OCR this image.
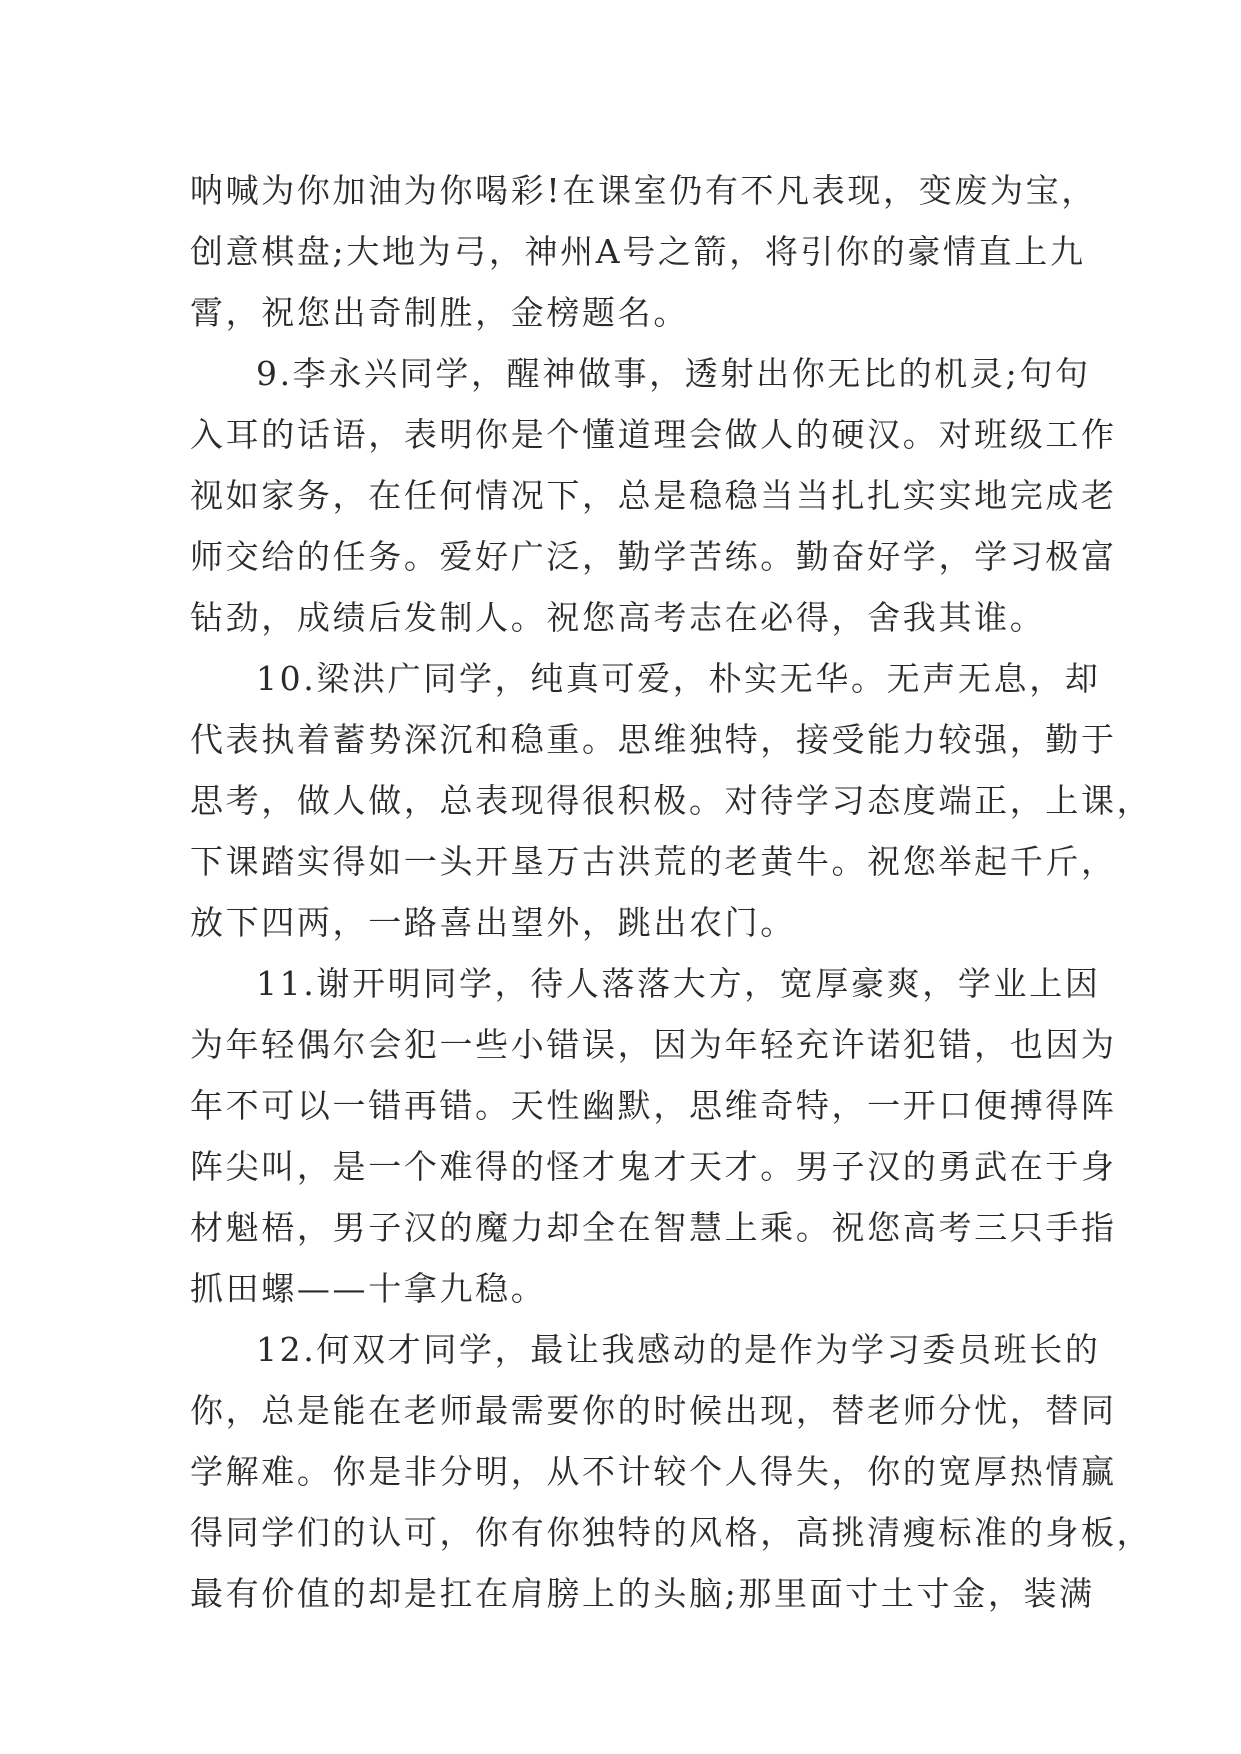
呐喊为你加油为你喝彩!在课室仍有不凡表现，变废为宝，
创意棋盘;大地为弓，神州A号之箭，将引你的豪情直上九
霄，祝您出奇制胜，金榜题名。
9.李永兴同学，醒神做事，透射出你无比的机灵;句句
入耳的话语，表明你是个懂道理会做人的硬汉。对班级工作
视如家务，在任何情况下，总是稳稳当当扎扎实实地完成老
师交给的任务。爱好广泛，勤学苦练。勤奋好学，学习极富
钻劲，成绩后发制人。祝您高考志在必得，舍我其谁。
10.梁洪广同学，纯真可爱，朴实无华。无声无息，却
代表执着蓄势深沉和稳重。思维独特，接受能力较强，勤于
思考，做人做，总表现得很积极。对待学习态度端正，上课，
下课踏实得如一头开垦万古洪荒的老黄牛。祝您举起千斤，
放下四两，一路喜出望外，跳出农门。
11.谢开明同学，待人落落大方，宽厚豪爽，学业上因
为年轻偶尔会犯一些小错误，因为年轻充许诺犯错，也因为
年不可以一错再错。天性幽默，思维奇特，一开口便搏得阵
阵尖叫，是一个难得的怪才鬼才天才。男子汉的勇武在于身
材魁梧，男子汉的魔力却全在智慧上乘。祝您高考三只手指
抓田螺——十拿九稳。
12.何双才同学，最让我感动的是作为学习委员班长的
你，总是能在老师最需要你的时候出现，替老师分忧，替同
学解难。你是非分明，从不计较个人得失，你的宽厚热情赢
得同学们的认可，你有你独特的风格，高挑清瘦标准的身板，
最有价值的却是扛在肩膀上的头脑;那里面寸土寸金，装满
